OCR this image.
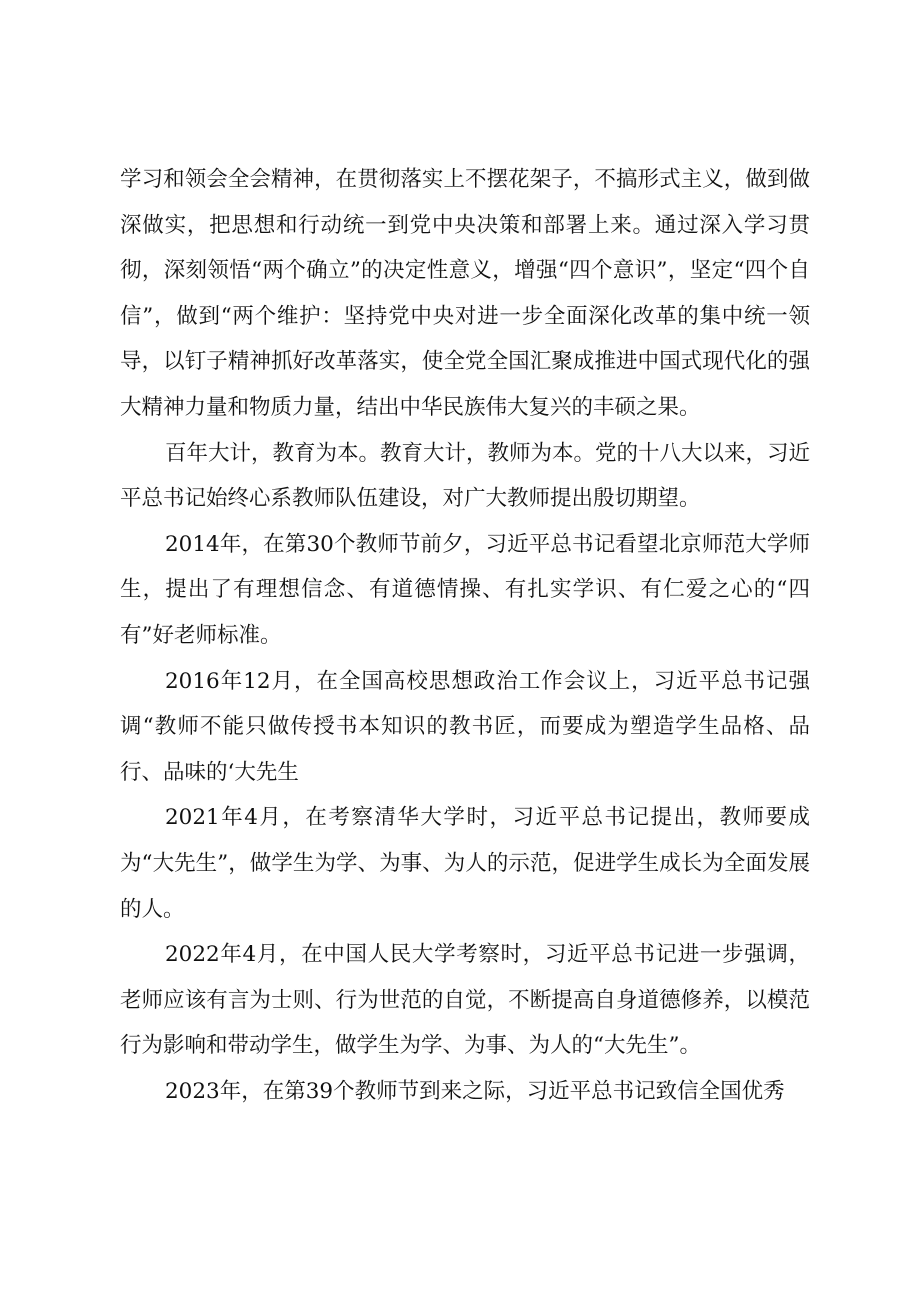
学习和领会全会精神，在贯彻落实上不摆花架子，不搞形式主义，做到做深做实，把思想和行动统一到党中央决策和部署上来。通过深入学习贯彻，深刻领悟“两个确立”的决定性意义，增强“四个意识”，坚定“四个自信”，做到“两个维护：坚持党中央对进一步全面深化改革的集中统一领导，以钉子精神抓好改革落实，使全党全国汇聚成推进中国式现代化的强大精神力量和物质力量，结出中华民族伟大复兴的丰硕之果。

百年大计，教育为本。教育大计，教师为本。党的十八大以来，习近平总书记始终心系教师队伍建设，对广大教师提出殷切期望。

2014年，在第30个教师节前夕，习近平总书记看望北京师范大学师生，提出了有理想信念、有道德情操、有扎实学识、有仁爱之心的“四有”好老师标准。

2016年12月，在全国高校思想政治工作会议上，习近平总书记强调“教师不能只做传授书本知识的教书匠，而要成为塑造学生品格、品行、品味的‘大先生

2021年4月，在考察清华大学时，习近平总书记提出，教师要成为“大先生”，做学生为学、为事、为人的示范，促进学生成长为全面发展的人。

2022年4月，在中国人民大学考察时，习近平总书记进一步强调，老师应该有言为士则、行为世范的自觉，不断提高自身道德修养，以模范行为影响和带动学生，做学生为学、为事、为人的“大先生”。

2023年，在第39个教师节到来之际，习近平总书记致信全国优秀
